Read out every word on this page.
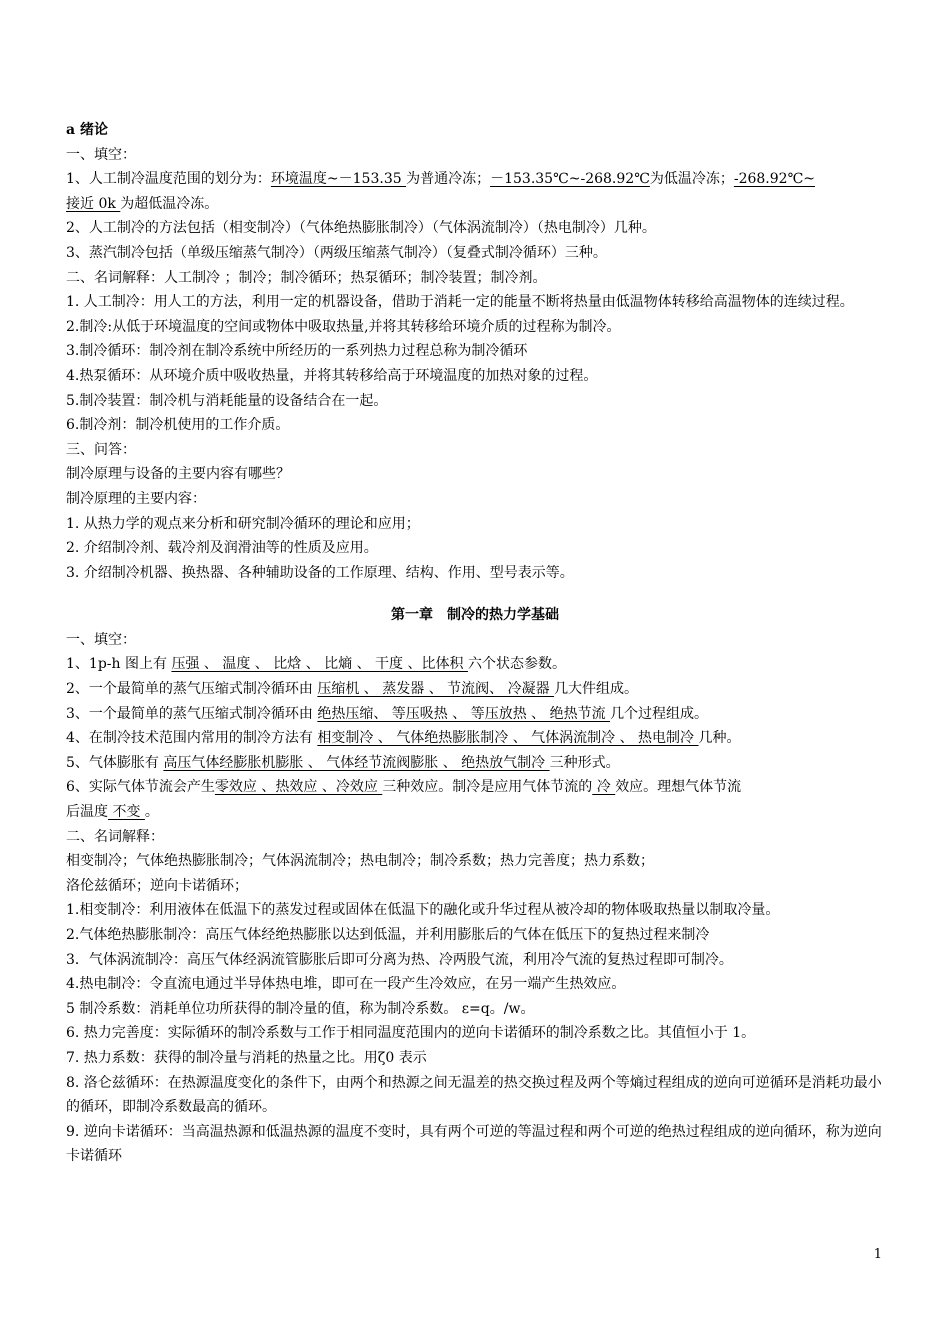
a 绪论
一、填空：
1、人工制冷温度范围的划分为：环境温度~－153.35 为普通冷冻；－153.35℃~-268.92℃为低温冷冻；-268.92℃~
接近 0k 为超低温冷冻。
2、人工制冷的方法包括（相变制冷）（气体绝热膨胀制冷）（气体涡流制冷）（热电制冷）几种。
3、蒸汽制冷包括（单级压缩蒸气制冷）（两级压缩蒸气制冷）（复叠式制冷循环）三种。
二、名词解释：人工制冷 ；制冷；制冷循环；热泵循环；制冷装置；制冷剂。
1. 人工制冷：用人工的方法，利用一定的机器设备，借助于消耗一定的能量不断将热量由低温物体转移给高温物体的连续过程。
2.制冷:从低于环境温度的空间或物体中吸取热量,并将其转移给环境介质的过程称为制冷。
3.制冷循环：制冷剂在制冷系统中所经历的一系列热力过程总称为制冷循环
4.热泵循环：从环境介质中吸收热量，并将其转移给高于环境温度的加热对象的过程。
5.制冷装置：制冷机与消耗能量的设备结合在一起。
6.制冷剂：制冷机使用的工作介质。
三、问答：
制冷原理与设备的主要内容有哪些？
制冷原理的主要内容：
1. 从热力学的观点来分析和研究制冷循环的理论和应用；
2. 介绍制冷剂、载冷剂及润滑油等的性质及应用。
3. 介绍制冷机器、换热器、各种辅助设备的工作原理、结构、作用、型号表示等。
第一章　制冷的热力学基础
一、填空：
1、1p-h 图上有 压强 、 温度 、 比焓 、 比熵 、 干度 、比体积 六个状态参数。
2、一个最简单的蒸气压缩式制冷循环由 压缩机 、 蒸发器 、 节流阀、 冷凝器 几大件组成。
3、一个最简单的蒸气压缩式制冷循环由 绝热压缩、 等压吸热 、 等压放热 、 绝热节流 几个过程组成。
4、在制冷技术范围内常用的制冷方法有 相变制冷 、 气体绝热膨胀制冷 、 气体涡流制冷 、 热电制冷 几种。
5、气体膨胀有 高压气体经膨胀机膨胀 、 气体经节流阀膨胀 、 绝热放气制冷 三种形式。
6、实际气体节流会产生零效应 、热效应 、冷效应 三种效应。制冷是应用气体节流的 冷 效应。理想气体节流
后温度 不变 。
二、名词解释：
相变制冷；气体绝热膨胀制冷；气体涡流制冷；热电制冷；制冷系数；热力完善度；热力系数；
洛伦兹循环；逆向卡诺循环；
1.相变制冷：利用液体在低温下的蒸发过程或固体在低温下的融化或升华过程从被冷却的物体吸取热量以制取冷量。
2.气体绝热膨胀制冷：高压气体经绝热膨胀以达到低温，并利用膨胀后的气体在低压下的复热过程来制冷
3．气体涡流制冷：高压气体经涡流管膨胀后即可分离为热、冷两股气流，利用冷气流的复热过程即可制冷。
4.热电制冷：令直流电通过半导体热电堆，即可在一段产生冷效应，在另一端产生热效应。
5 制冷系数：消耗单位功所获得的制冷量的值，称为制冷系数。 ε=q。/w。
6. 热力完善度：实际循环的制冷系数与工作于相同温度范围内的逆向卡诺循环的制冷系数之比。其值恒小于 1。
7. 热力系数：获得的制冷量与消耗的热量之比。用ζ0 表示
8. 洛仑兹循环：在热源温度变化的条件下，由两个和热源之间无温差的热交换过程及两个等熵过程组成的逆向可逆循环是消耗功最小的循环，即制冷系数最高的循环。
9. 逆向卡诺循环：当高温热源和低温热源的温度不变时，具有两个可逆的等温过程和两个可逆的绝热过程组成的逆向循环，称为逆向卡诺循环
1
